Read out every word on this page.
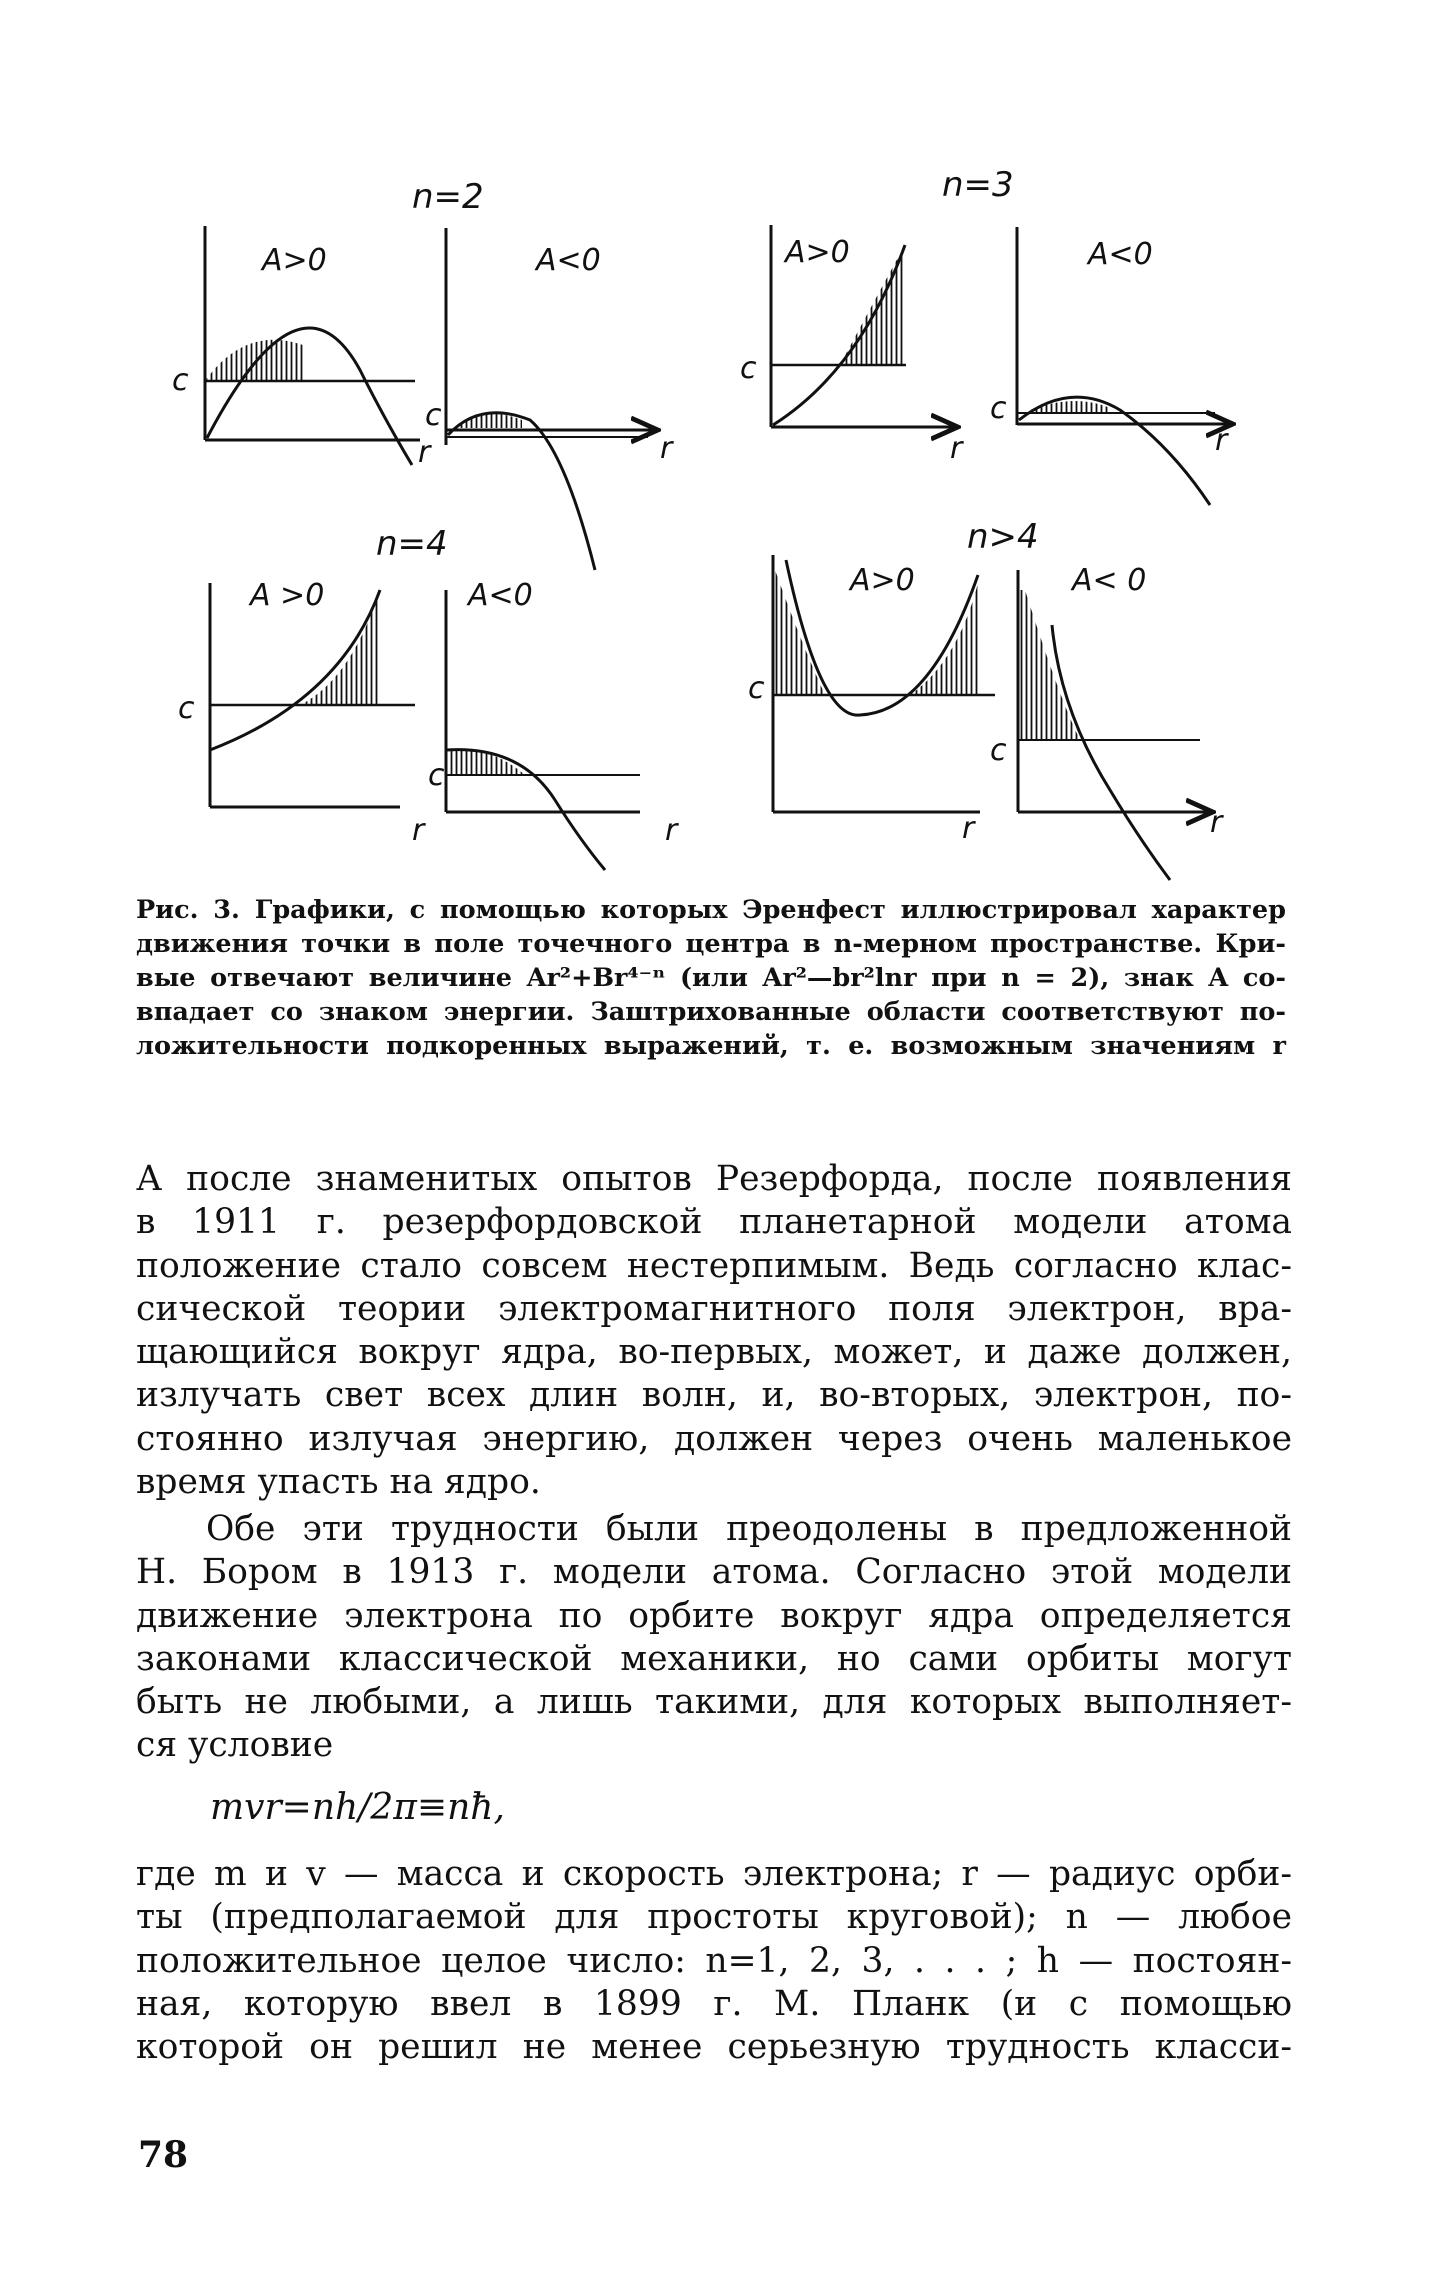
n=2	n=3
n=4	n>4
A>0
c
r
A<0
c
r
A>0
c
r
A<0
c
r
A >0
c
r
A<0
c
r
A>0
c
r
A< 0
c
r
Рис. 3. Графики, с помощью которых Эренфест иллюстрировал характер
движения точки в поле точечного центра в n-мерном пространстве. Кри-
вые отвечают величине Ar²+Br⁴⁻ⁿ (или Ar²—br²lnr при n = 2), знак A со-
впадает со знаком энергии. Заштрихованные области соответствуют по-
ложительности подкоренных выражений, т. е. возможным значениям r
А после знаменитых опытов Резерфорда, после появления
в 1911 г. резерфордовской планетарной модели атома
положение стало совсем нестерпимым. Ведь согласно клас-
сической теории электромагнитного поля электрон, вра-
щающийся вокруг ядра, во-первых, может, и даже должен,
излучать свет всех длин волн, и, во-вторых, электрон, по-
стоянно излучая энергию, должен через очень маленькое
время упасть на ядро.
Обе эти трудности были преодолены в предложенной
Н. Бором в 1913 г. модели атома. Согласно этой модели
движение электрона по орбите вокруг ядра определяется
законами классической механики, но сами орбиты могут
быть не любыми, а лишь такими, для которых выполняет-
ся условие
mvr=nh/2π≡nħ,
где m и v — масса и скорость электрона; r — радиус орби-
ты (предполагаемой для простоты круговой); n — любое
положительное целое число: n=1, 2, 3, . . . ; h — постоян-
ная, которую ввел в 1899 г. М. Планк (и с помощью
которой он решил не менее серьезную трудность класси-
78
